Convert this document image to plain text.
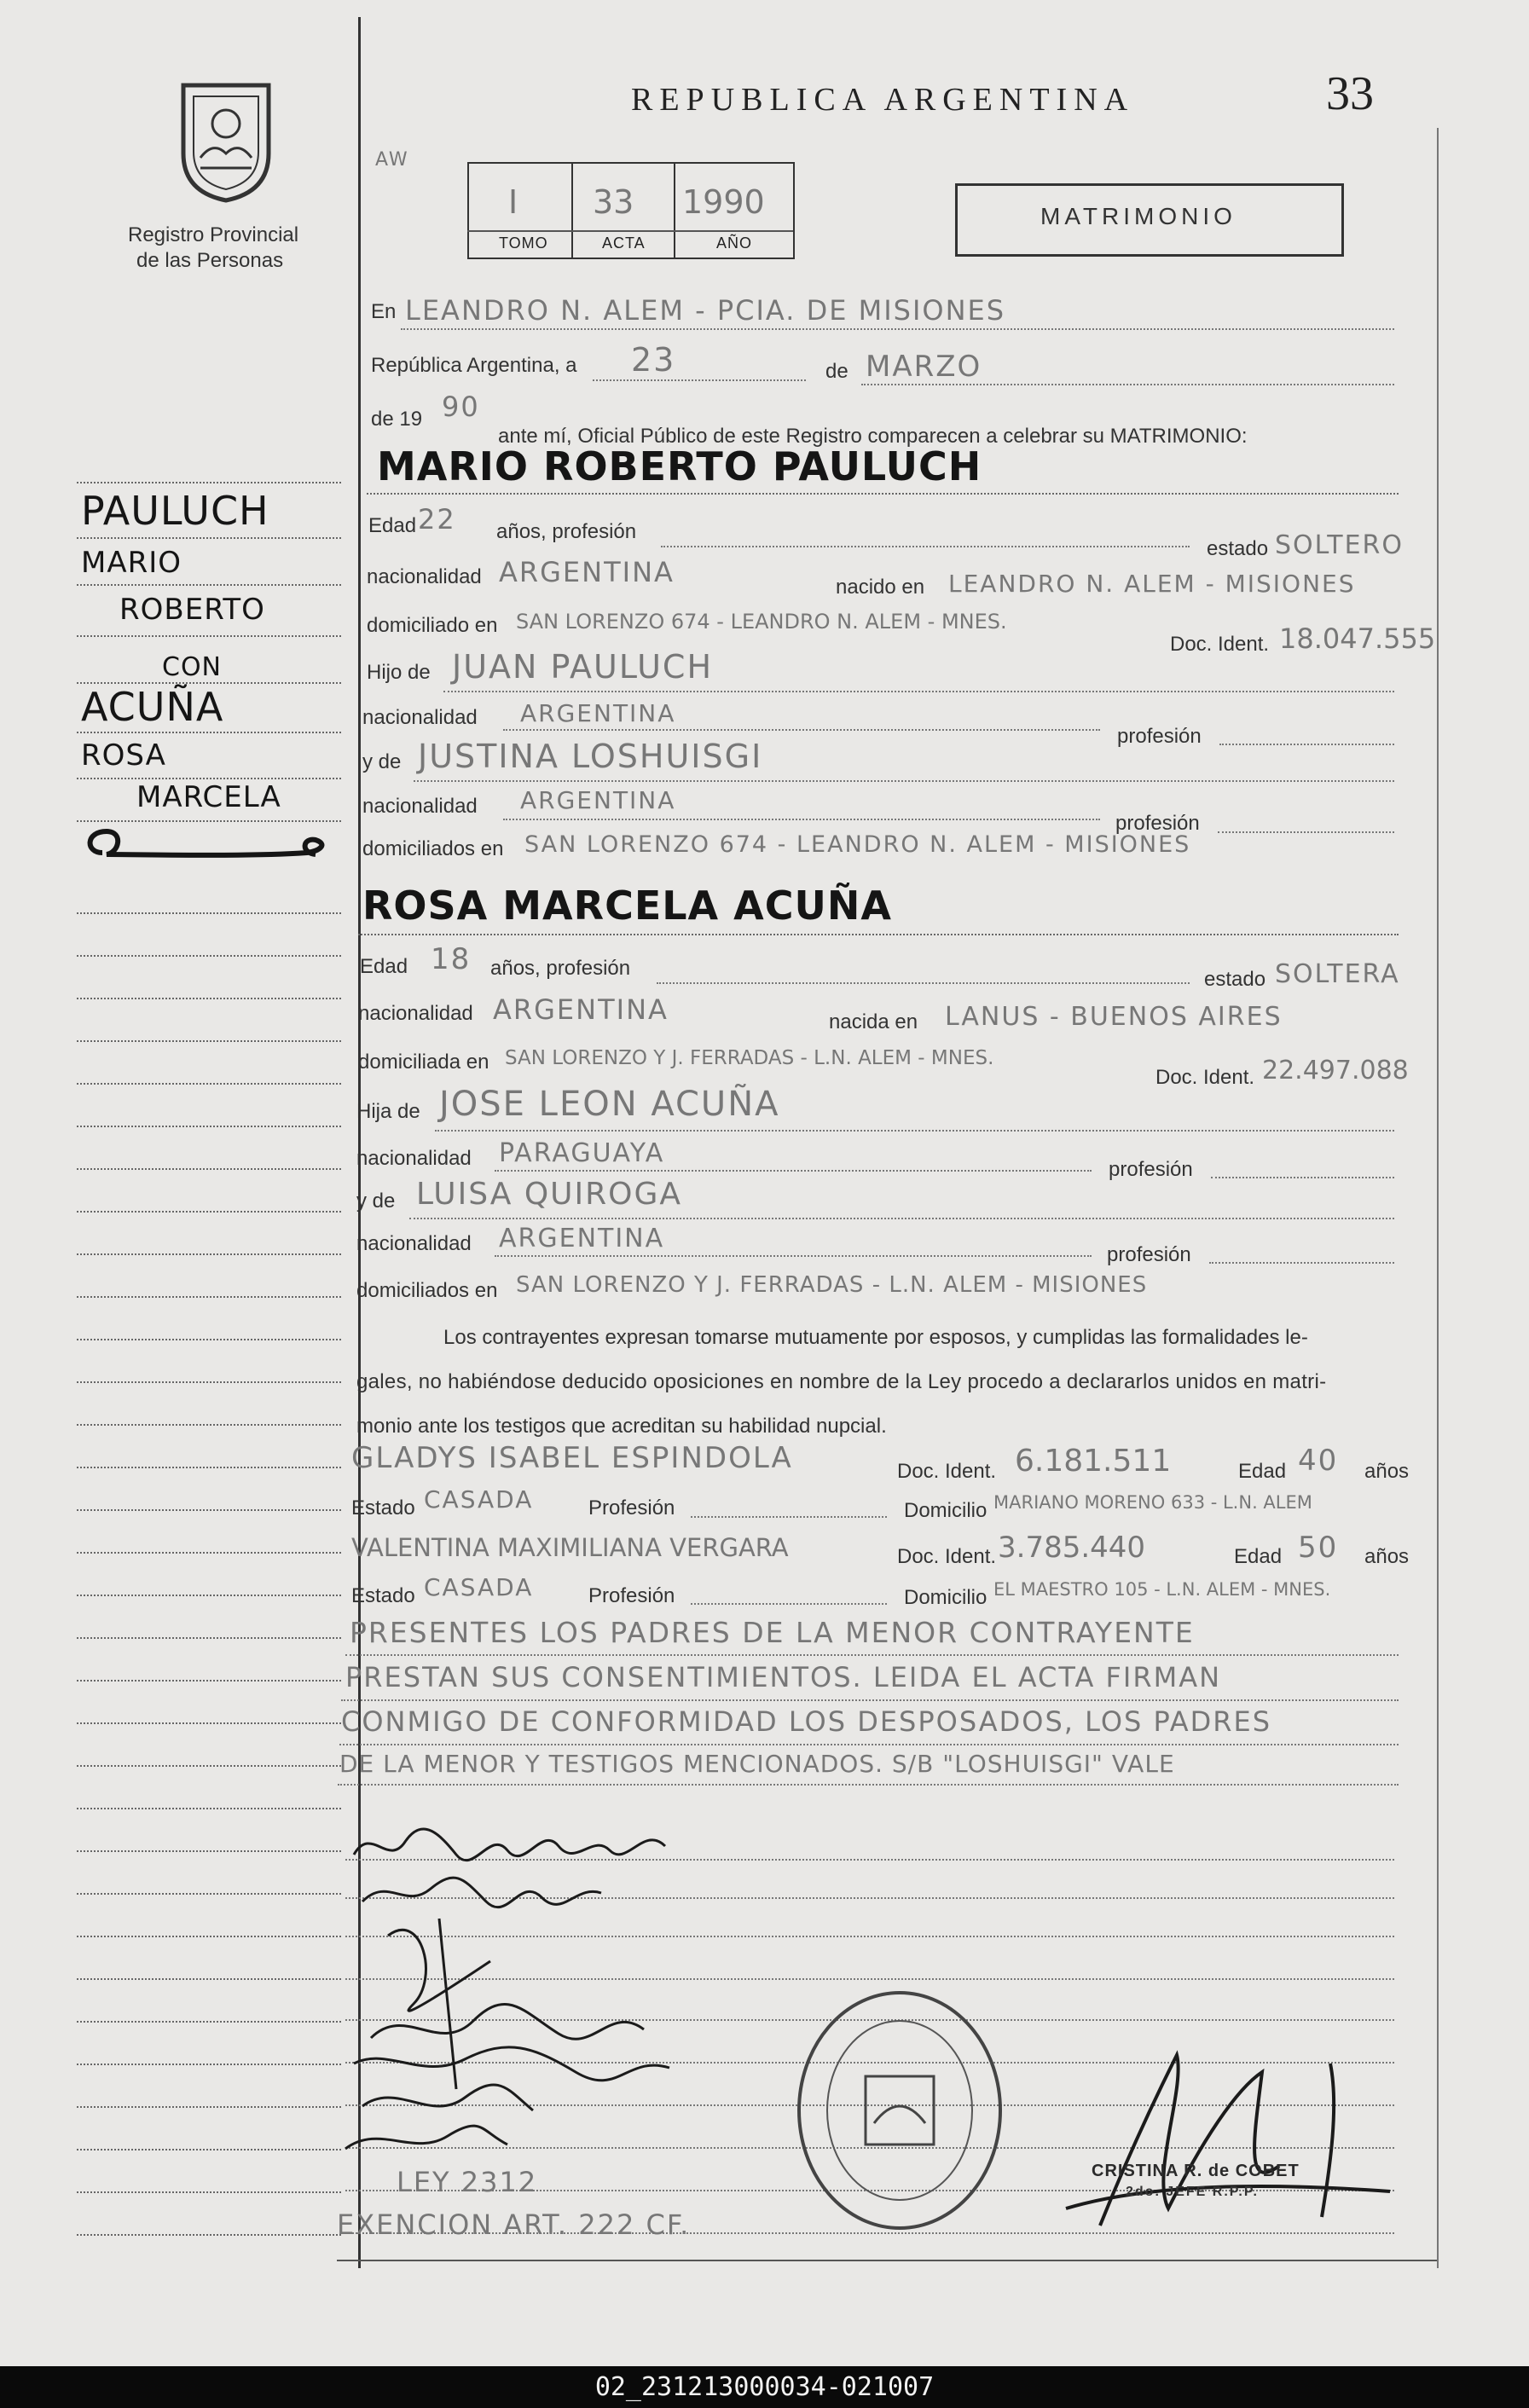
Registro Provincial
de las Personas
REPUBLICA ARGENTINA	33
AW
I 33 1990
TOMO	ACTA	AÑO
MATRIMONIO
En LEANDRO N. ALEM - PCIA. DE MISIONES
República Argentina, a 23	de MARZO
de 19 90
ante mí, Oficial Público de este Registro comparecen a celebrar su MATRIMONIO:
MARIO ROBERTO PAULUCH
Edad 22 años, profesión
estado SOLTERO
nacionalidad ARGENTINA	nacido en LEANDRO N. ALEM - MISIONES
domiciliado en SAN LORENZO 674 - LEANDRO N. ALEM - MNES.
Doc. Ident. 18.047.555
Hijo de JUAN PAULUCH
nacionalidad ARGENTINA
profesión
y de JUSTINA LOSHUISGI
nacionalidad ARGENTINA
profesión
domiciliados en SAN LORENZO 674 - LEANDRO N. ALEM - MISIONES
ROSA MARCELA ACUÑA
Edad 18 años, profesión	estado SOLTERA
nacionalidad ARGENTINA	nacida en LANUS - BUENOS AIRES
domiciliada en SAN LORENZO Y J. FERRADAS - L.N. ALEM - MNES.
Doc. Ident. 22.497.088
Hija de JOSE LEON ACUÑA
nacionalidad PARAGUAYA
profesión
y de LUISA QUIROGA
nacionalidad ARGENTINA
profesión
domiciliados en SAN LORENZO Y J. FERRADAS - L.N. ALEM - MISIONES
Los contrayentes expresan tomarse mutuamente por esposos, y cumplidas las formalidades le-
gales, no habiéndose deducido oposiciones en nombre de la Ley procedo a declararlos unidos en matri-
monio ante los testigos que acreditan su habilidad nupcial.
GLADYS ISABEL ESPINDOLA	Doc. Ident. 6.181.511	Edad 40 años
Estado CASADA	Profesión	Domicilio MARIANO MORENO 633 - L.N. ALEM
VALENTINA MAXIMILIANA VERGARA	Doc. Ident. 3.785.440	Edad 50 años
Estado CASADA	Profesión	Domicilio EL MAESTRO 105 - L.N. ALEM - MNES.
PRESENTES LOS PADRES DE LA MENOR CONTRAYENTE
PRESTAN SUS CONSENTIMIENTOS. LEIDA EL ACTA FIRMAN
CONMIGO DE CONFORMIDAD LOS DESPOSADOS, LOS PADRES
DE LA MENOR Y TESTIGOS MENCIONADOS. S/B "LOSHUISGI" VALE
CRISTINA R. de COBET
2do. JEFE R.P.P.
LEY 2312
EXENCION ART. 222 CF.
PAULUCH
MARIO
ROBERTO
CON
ACUÑA
ROSA
MARCELA
02_231213000034-021007
